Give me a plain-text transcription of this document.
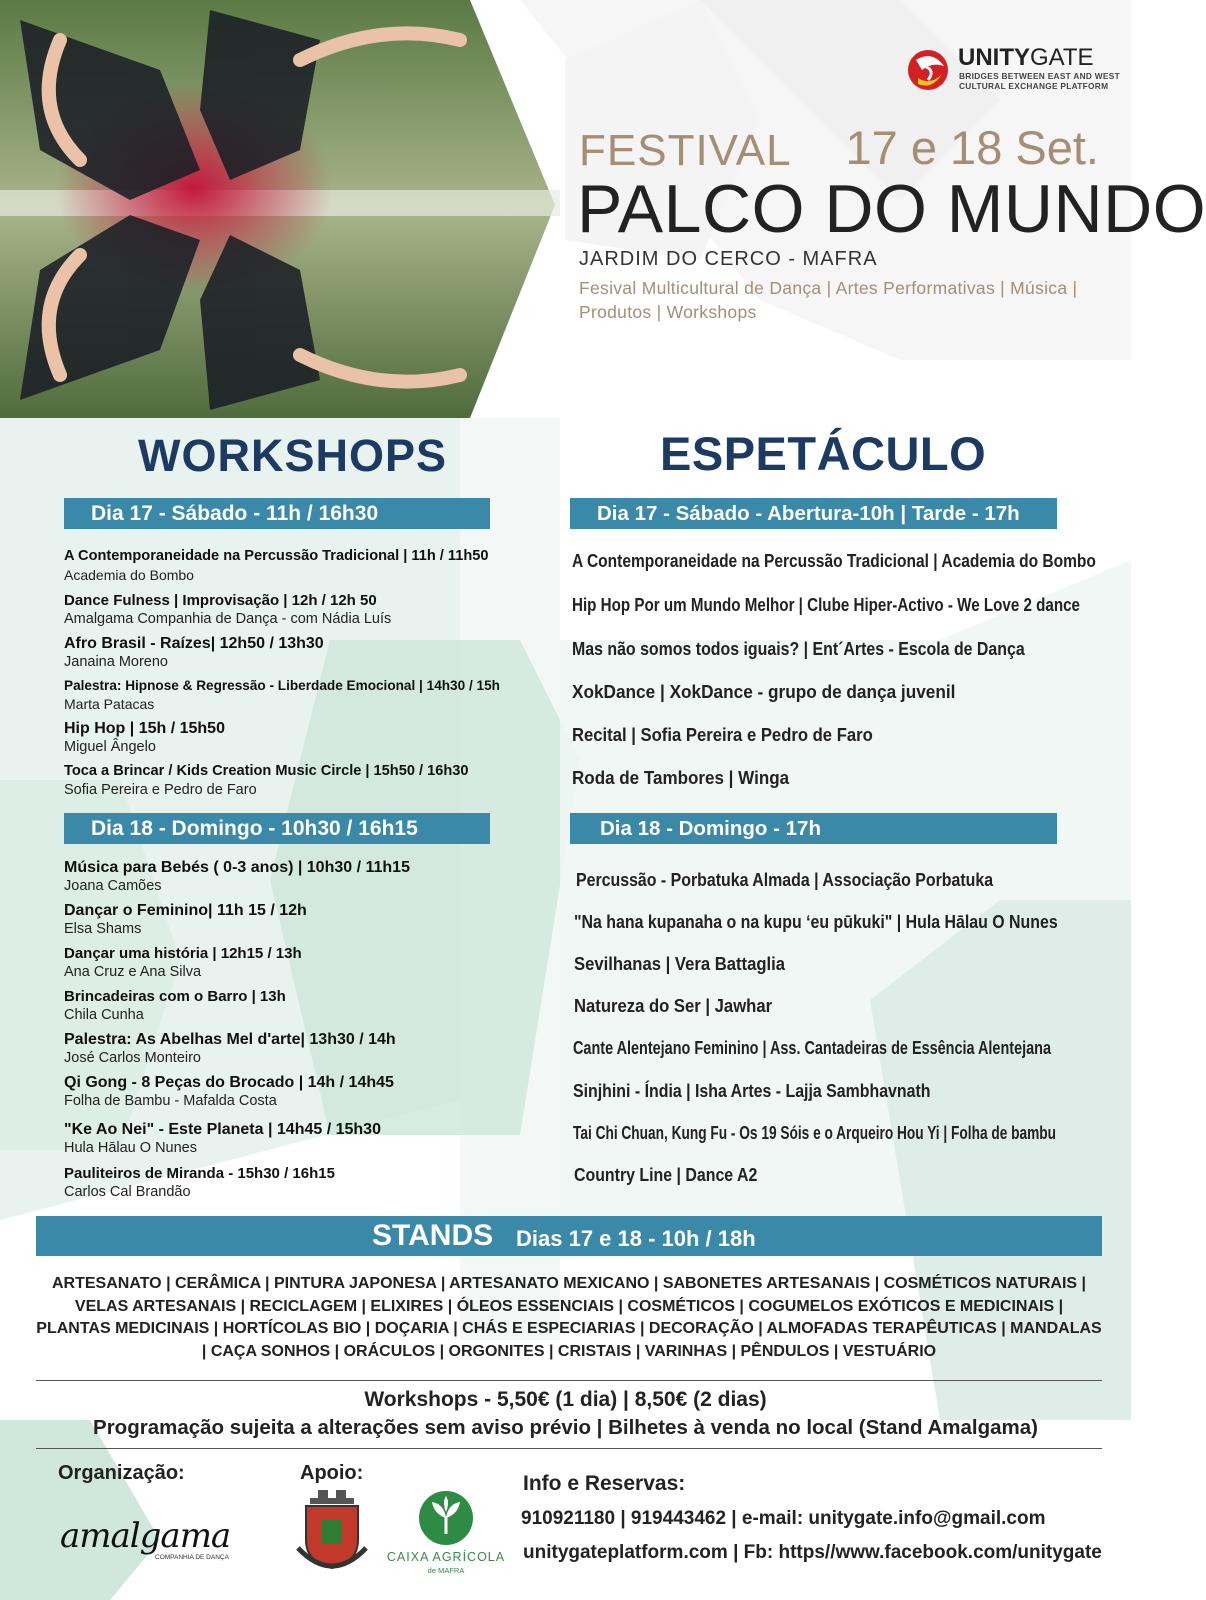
UNITYGATE
BRIDGES BETWEEN EAST AND WEST
CULTURAL EXCHANGE PLATFORM
FESTIVAL 17 e 18 Set.
PALCO DO MUNDO
JARDIM DO CERCO - MAFRA
Fesival Multicultural de Dança | Artes Performativas | Música | Produtos | Workshops
WORKSHOPS
Dia 17 - Sábado - 11h / 16h30
A Contemporaneidade na Percussão Tradicional | 11h / 11h50
Academia do Bombo
Dance Fulness | Improvisação | 12h / 12h 50
Amalgama Companhia de Dança - com Nádia Luís
Afro Brasil - Raízes| 12h50 / 13h30
Janaina Moreno
Palestra: Hipnose & Regressão - Liberdade Emocional | 14h30 / 15h
Marta Patacas
Hip Hop | 15h / 15h50
Miguel Ângelo
Toca a Brincar / Kids Creation Music Circle | 15h50 / 16h30
Sofia Pereira e Pedro de Faro
Dia 18 - Domingo - 10h30 / 16h15
Música para Bebés ( 0-3 anos) | 10h30 / 11h15
Joana Camões
Dançar o Feminino| 11h 15 / 12h
Elsa Shams
Dançar uma história | 12h15 / 13h
Ana Cruz e Ana Silva
Brincadeiras com o Barro | 13h
Chila Cunha
Palestra: As Abelhas Mel d'arte| 13h30 / 14h
José Carlos Monteiro
Qi Gong - 8 Peças do Brocado | 14h / 14h45
Folha de Bambu - Mafalda Costa
"Ke Ao Nei" - Este Planeta | 14h45 / 15h30
Hula Hālau O Nunes
Pauliteiros de Miranda - 15h30 / 16h15
Carlos Cal Brandão
ESPETÁCULO
Dia 17 - Sábado - Abertura-10h | Tarde - 17h
A Contemporaneidade na Percussão Tradicional | Academia do Bombo
Hip Hop Por um Mundo Melhor | Clube Hiper-Activo - We Love 2 dance
Mas não somos todos iguais? | Ent´Artes - Escola de Dança
XokDance | XokDance - grupo de dança juvenil
Recital | Sofia Pereira e Pedro de Faro
Roda de Tambores | Winga
Dia 18 - Domingo - 17h
Percussão - Porbatuka Almada | Associação Porbatuka
"Na hana kupanaha o na kupu ʻeu pūkuki" | Hula Hālau O Nunes
Sevilhanas | Vera Battaglia
Natureza do Ser | Jawhar
Cante Alentejano Feminino | Ass. Cantadeiras de Essência Alentejana
Sinjhini - Índia | Isha Artes - Lajja Sambhavnath
Tai Chi Chuan, Kung Fu - Os 19 Sóis e o Arqueiro Hou Yi | Folha de bambu
Country Line | Dance A2
STANDS Dias 17 e 18 - 10h / 18h
ARTESANATO | CERÂMICA | PINTURA JAPONESA | ARTESANATO MEXICANO | SABONETES ARTESANAIS | COSMÉTICOS NATURAIS | VELAS ARTESANAIS | RECICLAGEM | ELIXIRES | ÓLEOS ESSENCIAIS | COSMÉTICOS | COGUMELOS EXÓTICOS E MEDICINAIS | PLANTAS MEDICINAIS | HORTÍCOLAS BIO | DOÇARIA | CHÁS E ESPECIARIAS | DECORAÇÃO | ALMOFADAS TERAPÊUTICAS | MANDALAS | CAÇA SONHOS | ORÁCULOS | ORGONITES | CRISTAIS | VARINHAS | PÊNDULOS | VESTUÁRIO
Workshops - 5,50€ (1 dia) | 8,50€ (2 dias)
Programação sujeita a alterações sem aviso prévio | Bilhetes à venda no local (Stand Amalgama)
Organização:
amalgama
COMPANHIA DE DANÇA
Apoio:
CAIXA AGRÍCOLA
de MAFRA
Info e Reservas:
910921180 | 919443462 | e-mail: unitygate.info@gmail.com
unitygateplatform.com | Fb: https//www.facebook.com/unitygate
